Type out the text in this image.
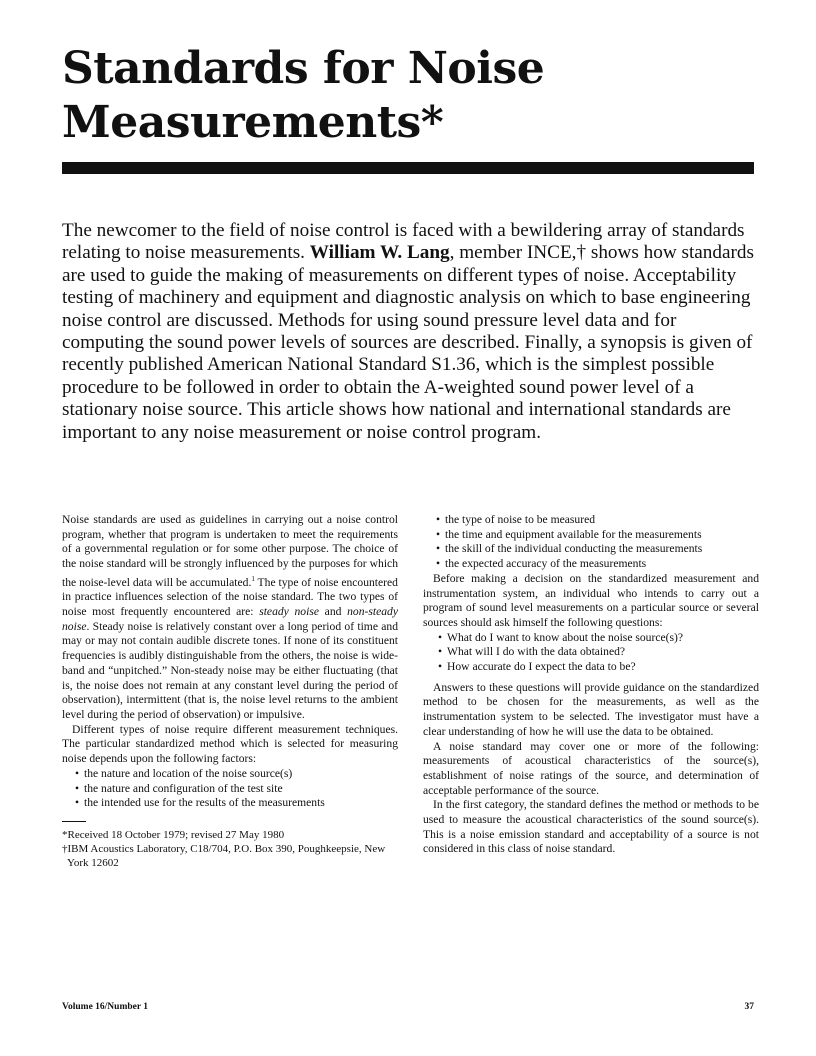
Standards for Noise Measurements*

The newcomer to the field of noise control is faced with a bewildering array of standards relating to noise measurements. William W. Lang, member INCE,† shows how standards are used to guide the making of measurements on different types of noise. Acceptability testing of machinery and equipment and diagnostic analysis on which to base engineering noise control are discussed. Methods for using sound pressure level data and for computing the sound power levels of sources are described. Finally, a synopsis is given of recently published American National Standard S1.36, which is the simplest possible procedure to be followed in order to obtain the A-weighted sound power level of a stationary noise source. This article shows how national and international standards are important to any noise measurement or noise control program.

Noise standards are used as guidelines in carrying out a noise control program, whether that program is undertaken to meet the requirements of a governmental regulation or for some other purpose. The choice of the noise standard will be strongly influenced by the purposes for which the noise-level data will be accumulated.$^1$ The type of noise encountered in practice influences selection of the noise standard. The two types of noise most frequently encountered are: steady noise and non-steady noise. Steady noise is relatively constant over a long period of time and may or may not contain audible discrete tones. If none of its constituent frequencies is audibly distinguishable from the others, the noise is wide-band and “unpitched.” Non-steady noise may be either fluctuating (that is, the noise does not remain at any constant level during the period of observation), intermittent (that is, the noise level returns to the ambient level during the period of observation) or impulsive.

Different types of noise require different measurement techniques. The particular standardized method which is selected for measuring noise depends upon the following factors:

• the nature and location of the noise source(s)
• the nature and configuration of the test site
• the intended use for the results of the measurements
*Received 18 October 1979; revised 27 May 1980

†IBM Acoustics Laboratory, C18/704, P.O. Box 390, Poughkeepsie, New York 12602
• the type of noise to be measured
• the time and equipment available for the measurements
• the skill of the individual conducting the measurements
• the expected accuracy of the measurements

Before making a decision on the standardized measurement and instrumentation system, an individual who intends to carry out a program of sound level measurements on a particular source or several sources should ask himself the following questions:

• What do I want to know about the noise source(s)?
• What will I do with the data obtained?
• How accurate do I expect the data to be?

Answers to these questions will provide guidance on the standardized method to be chosen for the measurements, as well as the instrumentation system to be selected. The investigator must have a clear understanding of how he will use the data to be obtained.

A noise standard may cover one or more of the following: measurements of acoustical characteristics of the source(s), establishment of noise ratings of the source, and determination of acceptable performance of the source.

In the first category, the standard defines the method or methods to be used to measure the acoustical characteristics of the sound source(s). This is a noise emission standard and acceptability of a source is not considered in this class of noise standard.

Volume 16/Number 1	37
